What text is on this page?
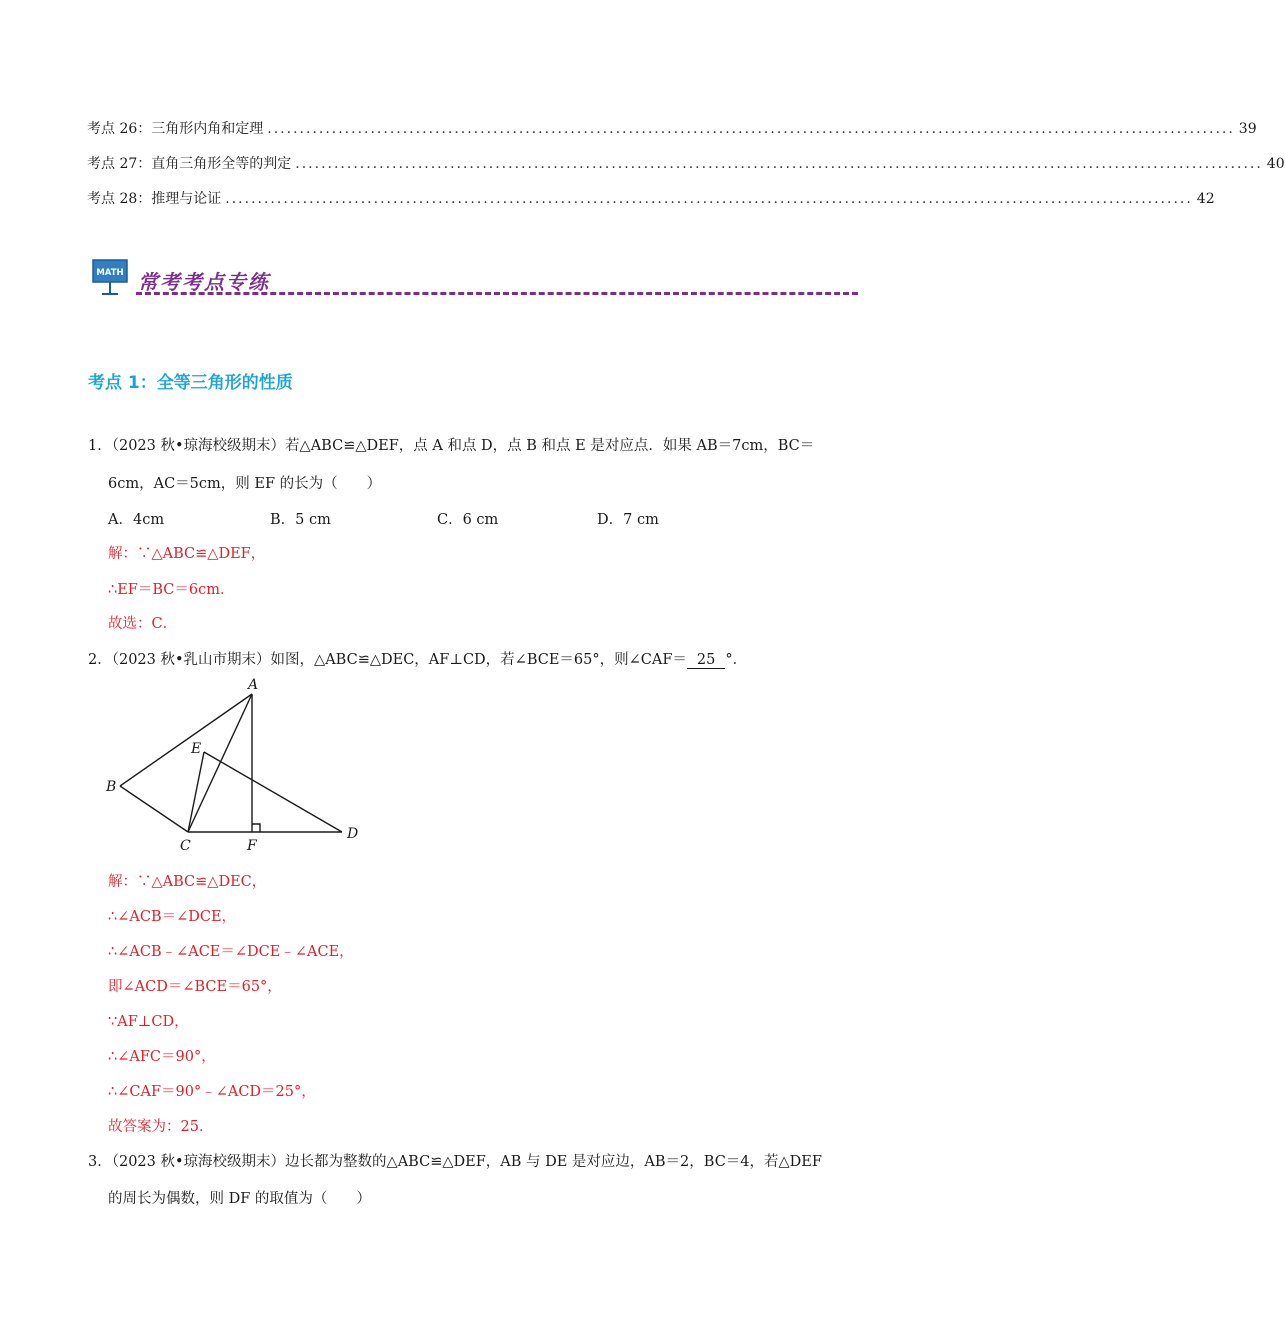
考点 26：三角形内角和定理 ...................................................................................................................................................... 39
考点 27：直角三角形全等的判定 ...................................................................................................................................................... 40
考点 28：推理与论证 ...................................................................................................................................................... 42
MATH 常考考点专练
考点 1：全等三角形的性质
1．（2023 秋•琼海校级期末）若△ABC≌△DEF，点 A 和点 D，点 B 和点 E 是对应点．如果 AB＝7cm，BC＝
6cm，AC＝5cm，则 EF 的长为（　　）
A．4cm	B．5 cm	C．6 cm	D．7 cm
解：∵△ABC≌△DEF，
∴EF＝BC＝6cm．
故选：C．
2．（2023 秋•乳山市期末）如图，△ABC≌△DEC，AF⊥CD，若∠BCE＝65°，则∠CAF＝ 25 °．
A
B
C
D
E
F
解：∵△ABC≌△DEC，
∴∠ACB＝∠DCE，
∴∠ACB﹣∠ACE＝∠DCE﹣∠ACE，
即∠ACD＝∠BCE＝65°，
∵AF⊥CD，
∴∠AFC＝90°，
∴∠CAF＝90°﹣∠ACD＝25°，
故答案为：25．
3．（2023 秋•琼海校级期末）边长都为整数的△ABC≌△DEF，AB 与 DE 是对应边，AB＝2，BC＝4，若△DEF
的周长为偶数，则 DF 的取值为（　　）
